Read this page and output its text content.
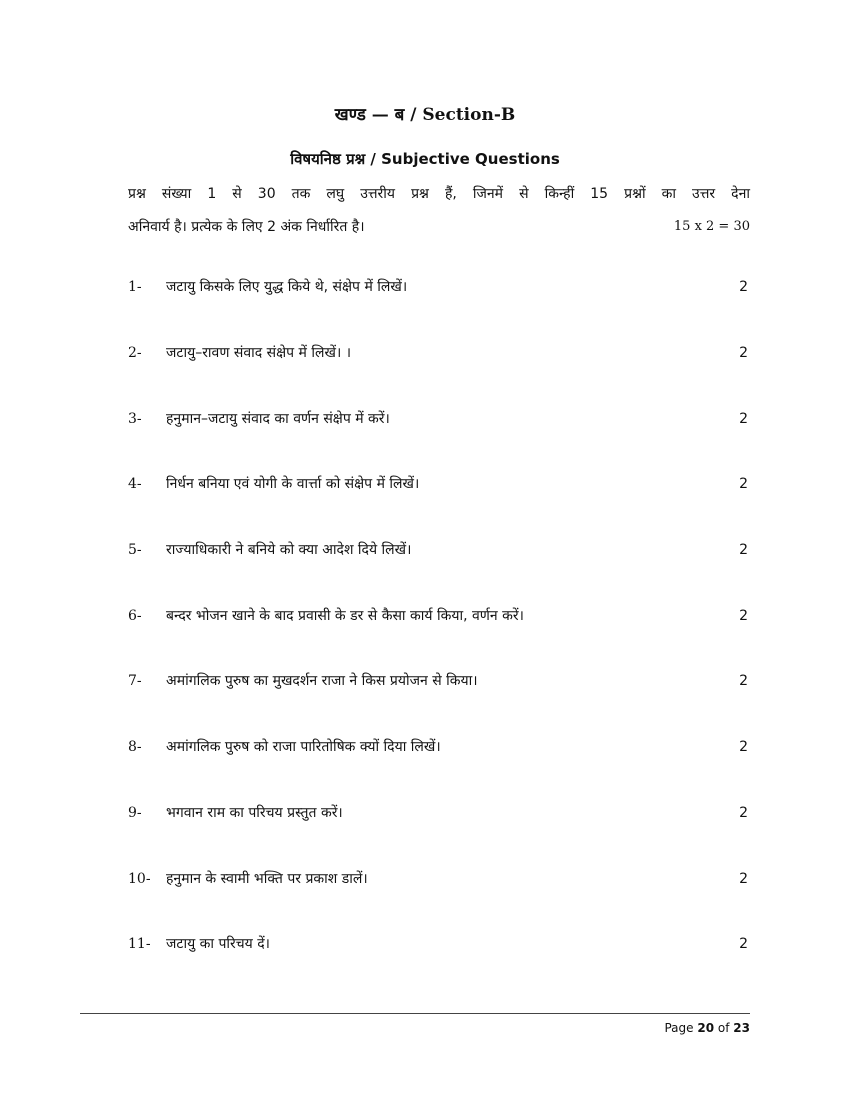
खण्ड — ब / Section-B
विषयनिष्ठ प्रश्न / Subjective Questions
प्रश्न संख्या 1 से 30 तक लघु उत्तरीय प्रश्न हैं, जिनमें से किन्हीं 15 प्रश्नों का उत्तर देना
अनिवार्य है। प्रत्येक के लिए 2 अंक निर्धारित है।	15 x 2 = 30
1- जटायु किसके लिए युद्ध किये थे, संक्षेप में लिखें।	2
2- जटायु–रावण संवाद संक्षेप में लिखें। ।	2
3- हनुमान–जटायु संवाद का वर्णन संक्षेप में करें।	2
4- निर्धन बनिया एवं योगी के वार्त्ता को संक्षेप में लिखें।	2
5- राज्याधिकारी ने बनिये को क्या आदेश दिये लिखें।	2
6- बन्दर भोजन खाने के बाद प्रवासी के डर से कैसा कार्य किया, वर्णन करें।	2
7- अमांगलिक पुरुष का मुखदर्शन राजा ने किस प्रयोजन से किया।	2
8- अमांगलिक पुरुष को राजा पारितोषिक क्यों दिया लिखें।	2
9- भगवान राम का परिचय प्रस्तुत करें।	2
10- हनुमान के स्वामी भक्ति पर प्रकाश डालें।	2
11- जटायु का परिचय दें।	2
Page 20 of 23
